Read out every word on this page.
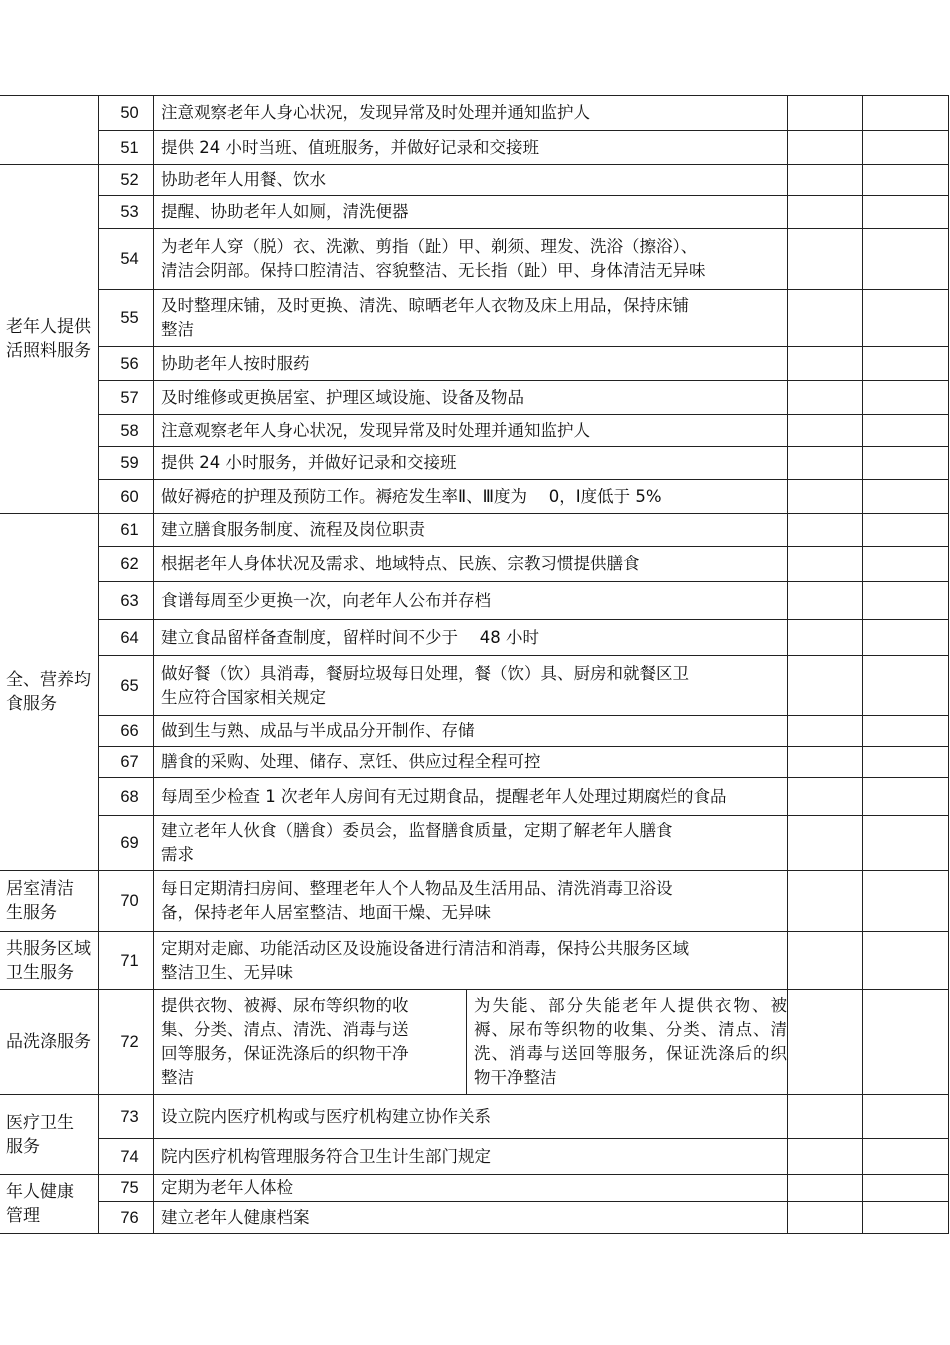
	50	注意观察老年人身心状况，发现异常及时处理并通知监护人			
	51	提供 24 小时当班、值班服务，并做好记录和交接班			
老年人提供
活照料服务	52	协助老年人用餐、饮水			
	53	提醒、协助老年人如厕，清洗便器			
	54	为老年人穿（脱）衣、洗漱、剪指（趾）甲、剃须、理发、洗浴（擦浴）、
清洁会阴部。保持口腔清洁、容貌整洁、无长指（趾）甲、身体清洁无异味			
	55	及时整理床铺，及时更换、清洗、晾晒老年人衣物及床上用品，保持床铺
整洁			
	56	协助老年人按时服药			
	57	及时维修或更换居室、护理区域设施、设备及物品			
	58	注意观察老年人身心状况，发现异常及时处理并通知监护人			
	59	提供 24 小时服务，并做好记录和交接班			
	60	做好褥疮的护理及预防工作。褥疮发生率Ⅱ、Ⅲ度为　 0，Ⅰ度低于 5%			
全、营养均
食服务	61	建立膳食服务制度、流程及岗位职责			
	62	根据老年人身体状况及需求、地域特点、民族、宗教习惯提供膳食			
	63	食谱每周至少更换一次，向老年人公布并存档			
	64	建立食品留样备查制度，留样时间不少于　 48 小时			
	65	做好餐（饮）具消毒，餐厨垃圾每日处理，餐（饮）具、厨房和就餐区卫
生应符合国家相关规定			
	66	做到生与熟、成品与半成品分开制作、存储			
	67	膳食的采购、处理、储存、烹饪、供应过程全程可控			
	68	每周至少检查 1 次老年人房间有无过期食品，提醒老年人处理过期腐烂的食品			
	69	建立老年人伙食（膳食）委员会，监督膳食质量，定期了解老年人膳食
需求			
居室清洁
生服务	70	每日定期清扫房间、整理老年人个人物品及生活用品、清洗消毒卫浴设
备，保持老年人居室整洁、地面干燥、无异味			
共服务区域
卫生服务	71	定期对走廊、功能活动区及设施设备进行清洁和消毒，保持公共服务区域
整洁卫生、无异味			
品洗涤服务	72	提供衣物、被褥、尿布等织物的收
集、分类、清点、清洗、消毒与送
回等服务，保证洗涤后的织物干净
整洁	为失能、部分失能老年人提供衣物、被褥、尿布等织物的收集、分类、清点、清洗、消毒与送回等服务，保证洗涤后的织物干净整洁		
医疗卫生
服务	73	设立院内医疗机构或与医疗机构建立协作关系			
	74	院内医疗机构管理服务符合卫生计生部门规定			
年人健康
管理	75	定期为老年人体检			
	76	建立老年人健康档案			
